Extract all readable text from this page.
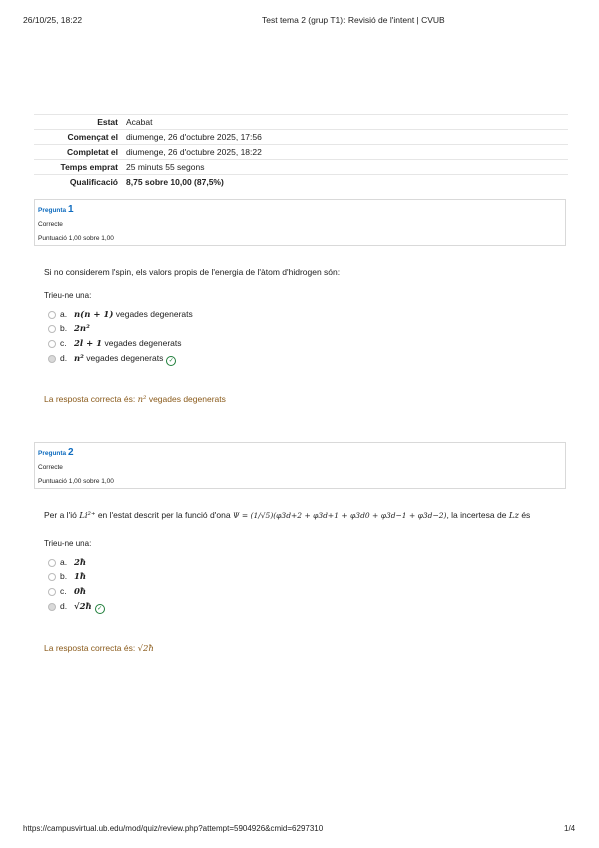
26/10/25, 18:22	Test tema 2 (grup T1): Revisió de l'intent | CVUB
Estat	Acabat
Començat el	diumenge, 26 d'octubre 2025, 17:56
Completat el	diumenge, 26 d'octubre 2025, 18:22
Temps emprat	25 minuts 55 segons
Qualificació	8,75 sobre 10,00 (87,5%)
Pregunta 1
Correcte
Puntuació 1,00 sobre 1,00
Si no considerem l'spin, els valors propis de l'energia de l'àtom d'hidrogen són:
Trieu-ne una:
a. n(n + 1) vegades degenerats
b. 2n²
c. 2l + 1 vegades degenerats
d. n² vegades degenerats ✓
La resposta correcta és: n² vegades degenerats
Pregunta 2
Correcte
Puntuació 1,00 sobre 1,00
Per a l'ió Li²⁺ en l'estat descrit per la funció d'ona Ψ = (1/√5)(φ3d+2 + φ3d+1 + φ3d0 + φ3d−1 + φ3d−2), la incertesa de Lz és
Trieu-ne una:
a. 2ħ
b. 1ħ
c. 0ħ
d. √2ħ ✓
La resposta correcta és: √2ħ
https://campusvirtual.ub.edu/mod/quiz/review.php?attempt=5904926&cmid=6297310	1/4
